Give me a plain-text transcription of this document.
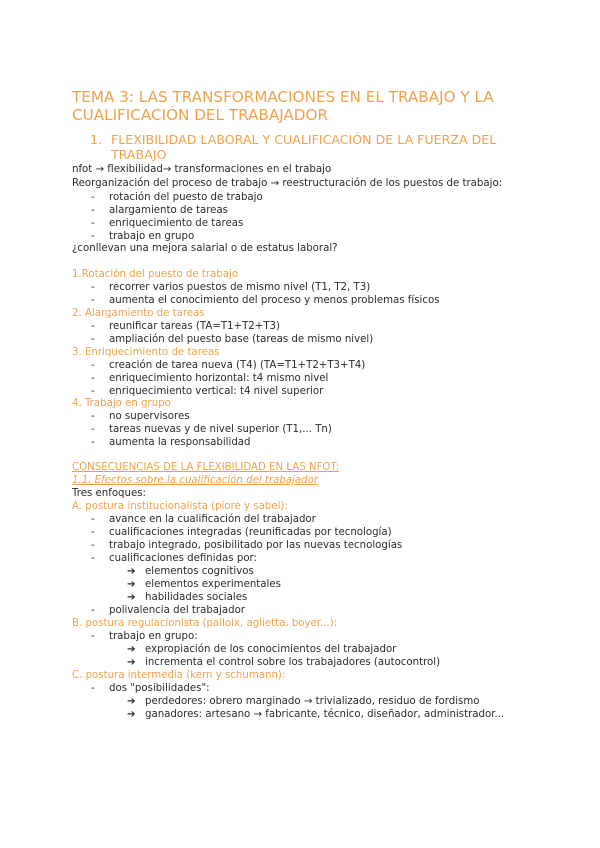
TEMA 3: LAS TRANSFORMACIONES EN EL TRABAJO Y LA CUALIFICACIÓN DEL TRABAJADOR
1. FLEXIBILIDAD LABORAL Y CUALIFICACIÓN DE LA FUERZA DEL TRABAJO
nfot → flexibilidad→ transformaciones en el trabajo
Reorganización del proceso de trabajo → reestructuración de los puestos de trabajo:
- rotación del puesto de trabajo
- alargamiento de tareas
- enriquecimiento de tareas
- trabajo en grupo
¿conllevan una mejora salarial o de estatus laboral?
1.Rotación del puesto de trabajo
- recorrer varios puestos de mismo nivel (T1, T2, T3)
- aumenta el conocimiento del proceso y menos problemas físicos
2. Alargamiento de tareas
- reunificar tareas (TA=T1+T2+T3)
- ampliación del puesto base (tareas de mismo nivel)
3. Enriquecimiento de tareas
- creación de tarea nueva (T4) (TA=T1+T2+T3+T4)
- enriquecimiento horizontal: t4 mismo nivel
- enriquecimiento vertical: t4 nivel superior
4. Trabajo en grupo
- no supervisores
- tareas nuevas y de nivel superior (T1,... Tn)
- aumenta la responsabilidad
CONSECUENCIAS DE LA FLEXIBILIDAD EN LAS NFOT:
1.1. Efectos sobre la cualificación del trabajador
Tres enfoques:
A. postura institucionalista (piore y sabel):
- avance en la cualificación del trabajador
- cualificaciones integradas (reunificadas por tecnología)
- trabajo integrado, posibilitado por las nuevas tecnologías
- cualificaciones definidas por:
➔ elementos cognitivos
➔ elementos experimentales
➔ habilidades sociales
- polivalencia del trabajador
B. postura regulacionista (palloix, aglietta, boyer...):
- trabajo en grupo:
➔ expropiación de los conocimientos del trabajador
➔ incrementa el control sobre los trabajadores (autocontrol)
C. postura intermedia (kern y schumann):
- dos "posibilidades":
➔ perdedores: obrero marginado → trivializado, residuo de fordismo
➔ ganadores: artesano → fabricante, técnico, diseñador, administrador...
